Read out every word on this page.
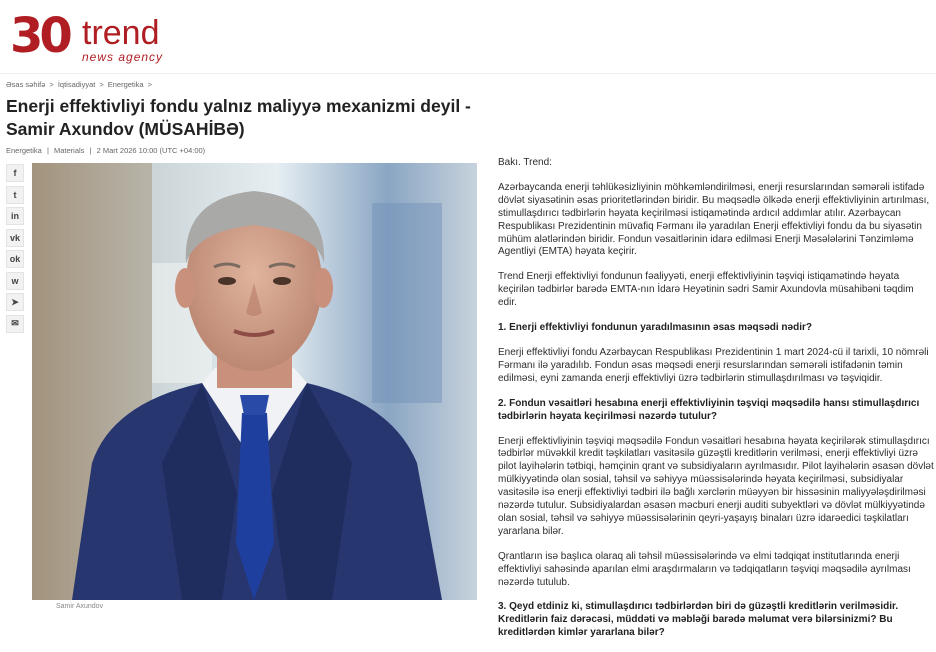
30 trend
news agency
Əsas səhifə > İqtisadiyyat > Energetika >
Enerji effektivliyi fondu yalnız maliyyə mexanizmi deyil - Samir Axundov (MÜSAHİBƏ)
Energetika | Materials | 2 Mart 2026 10:00 (UTC +04:00)
f
t
in
vk
ok
w
➤
✉
Samir Axundov

Bakı. Trend:

Azərbaycanda enerji təhlükəsizliyinin möhkəmləndirilməsi, enerji resurslarından səmərəli istifadə dövlət siyasətinin əsas prioritetlərindən biridir. Bu məqsədlə ölkədə enerji effektivliyinin artırılması, stimullaşdırıcı tədbirlərin həyata keçirilməsi istiqamətində ardıcıl addımlar atılır. Azərbaycan Respublikası Prezidentinin müvafiq Fərmanı ilə yaradılan Enerji effektivliyi fondu da bu siyasətin mühüm alətlərindən biridir. Fondun vəsaitlərinin idarə edilməsi Enerji Məsələlərini Tənzimləmə Agentliyi (EMTA) həyata keçirir.

Trend Enerji effektivliyi fondunun fəaliyyəti, enerji effektivliyinin təşviqi istiqamətində həyata keçirilən tədbirlər barədə EMTA-nın İdarə Heyətinin sədri Samir Axundovla müsahibəni təqdim edir.

1. Enerji effektivliyi fondunun yaradılmasının əsas məqsədi nədir?

Enerji effektivliyi fondu Azərbaycan Respublikası Prezidentinin 1 mart 2024-cü il tarixli, 10 nömrəli Fərmanı ilə yaradılıb. Fondun əsas məqsədi enerji resurslarından səmərəli istifadənin təmin edilməsi, eyni zamanda enerji effektivliyi üzrə tədbirlərin stimullaşdırılması və təşviqidir.

2. Fondun vəsaitləri hesabına enerji effektivliyinin təşviqi məqsədilə hansı stimullaşdırıcı tədbirlərin həyata keçirilməsi nəzərdə tutulur?

Enerji effektivliyinin təşviqi məqsədilə Fondun vəsaitləri hesabına həyata keçirilərək stimullaşdırıcı tədbirlər müvəkkil kredit təşkilatları vasitəsilə güzəştli kreditlərin verilməsi, enerji effektivliyi üzrə pilot layihələrin tətbiqi, həmçinin qrant və subsidiyaların ayrılmasıdır. Pilot layihələrin əsasən dövlət mülkiyyətində olan sosial, təhsil və səhiyyə müəssisələrində həyata keçirilməsi, subsidiyalar vasitəsilə isə enerji effektivliyi tədbiri ilə bağlı xərclərin müəyyən bir hissəsinin maliyyələşdirilməsi nəzərdə tutulur. Subsidiyalardan əsasən məcburi enerji auditi subyektləri və dövlət mülkiyyətində olan sosial, təhsil və səhiyyə müəssisələrinin qeyri-yaşayış binaları üzrə idarəedici təşkilatları yararlana bilər.

Qrantların isə başlıca olaraq ali təhsil müəssisələrində və elmi tədqiqat institutlarında enerji effektivliyi sahəsində aparılan elmi araşdırmaların və tədqiqatların təşviqi məqsədilə ayrılması nəzərdə tutulub.

3. Qeyd etdiniz ki, stimullaşdırıcı tədbirlərdən biri də güzəştli kreditlərin verilməsidir. Kreditlərin faiz dərəcəsi, müddəti və məbləği barədə məlumat verə bilərsinizmi? Bu kreditlərdən kimlər yararlana bilər?
